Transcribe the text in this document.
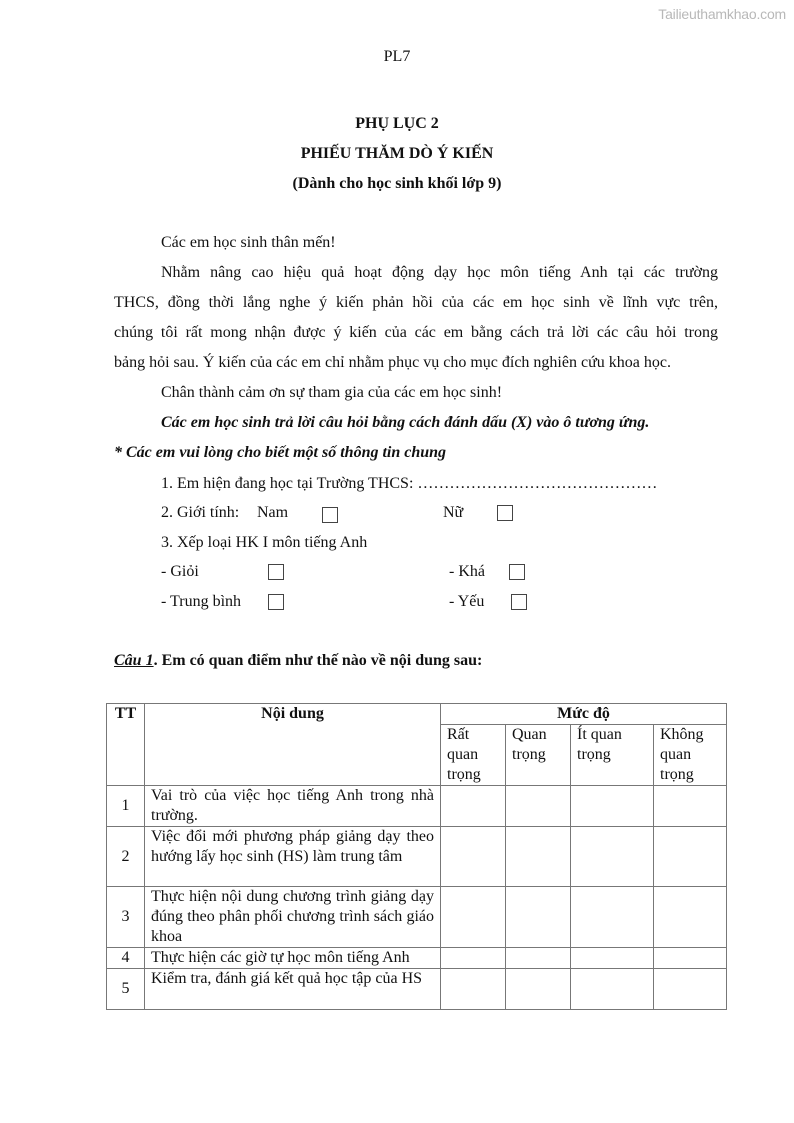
Tailieuthamkhao.com
PL7
PHỤ LỤC 2
PHIẾU THĂM DÒ Ý KIẾN
(Dành cho học sinh khối lớp 9)
Các em học sinh thân mến!
Nhằm nâng cao hiệu quả hoạt động dạy học môn tiếng Anh tại các trường
THCS, đồng thời lắng nghe ý kiến phản hồi của các em học sinh về lĩnh vực trên,
chúng tôi rất mong nhận được ý kiến của các em bằng cách trả lời các câu hỏi trong
bảng hỏi sau. Ý kiến của các em chỉ nhằm phục vụ cho mục đích nghiên cứu khoa học.
Chân thành cảm ơn sự tham gia của các em học sinh!
Các em học sinh trả lời câu hỏi bằng cách đánh dấu (X) vào ô tương ứng.
* Các em vui lòng cho biết một số thông tin chung
1. Em hiện đang học tại Trường THCS: ………………………………………
2. Giới tính: Nam	Nữ
3. Xếp loại HK I môn tiếng Anh
- Giỏi	- Khá
- Trung bình	- Yếu
Câu 1. Em có quan điểm như thế nào về nội dung sau:
TT	Nội dung	Mức độ			
		Rất quan trọng	Quan trọng	Ít quan trọng	Không quan trọng
1	Vai trò của việc học tiếng Anh trong nhà trường.				
2	Việc đổi mới phương pháp giảng dạy theo hướng lấy học sinh (HS) làm trung tâm				
3	Thực hiện nội dung chương trình giảng dạy đúng theo phân phối chương trình sách giáo khoa				
4	Thực hiện các giờ tự học môn tiếng Anh				
5	Kiểm tra, đánh giá kết quả học tập của HS				
